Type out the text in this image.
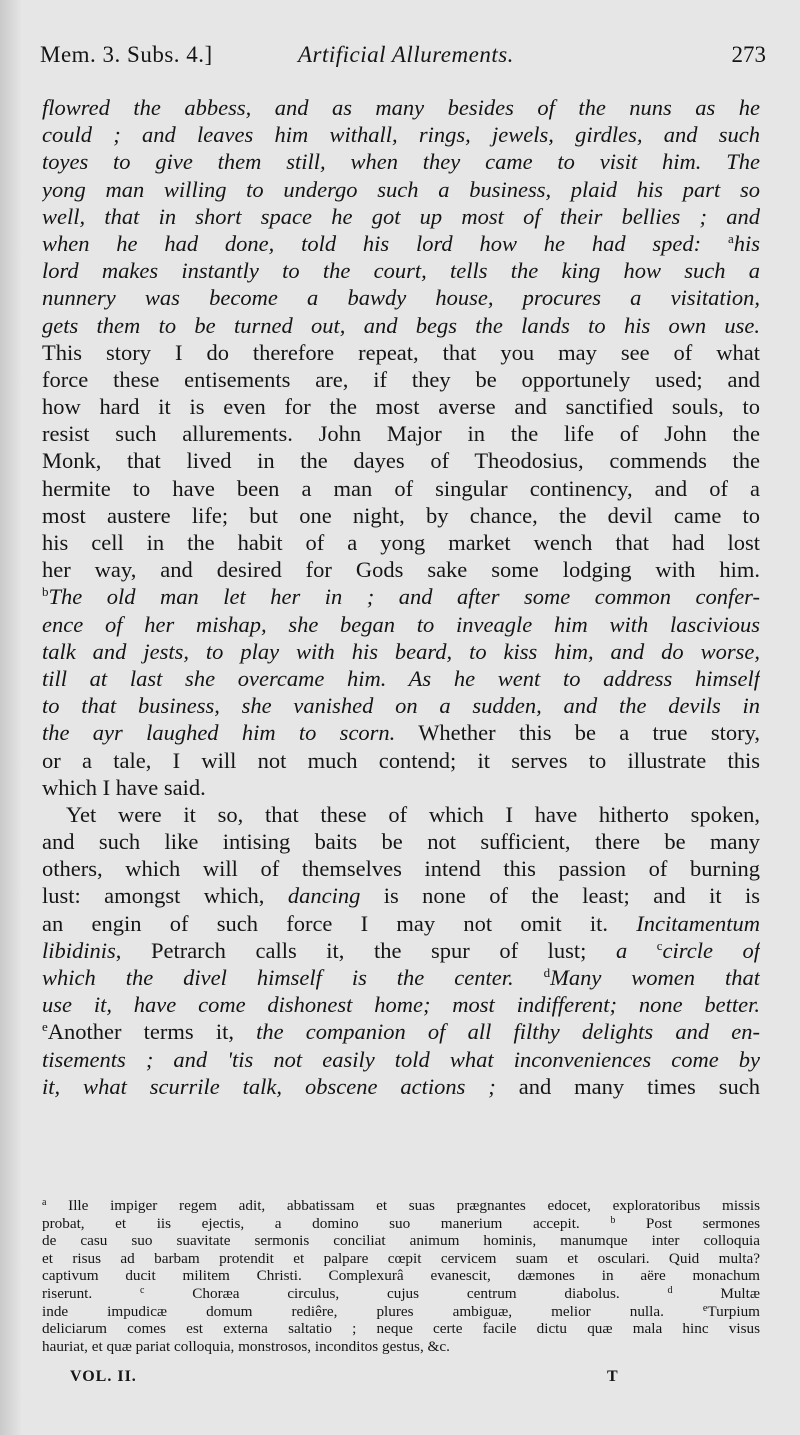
Mem. 3. Subs. 4.]	Artificial Allurements.	273
flowred the abbess, and as many besides of the nuns as he
could ; and leaves him withall, rings, jewels, girdles, and such
toyes to give them still, when they came to visit him. The
yong man willing to undergo such a business, plaid his part so
well, that in short space he got up most of their bellies ; and
when he had done, told his lord how he had sped: $^a$his
lord makes instantly to the court, tells the king how such a
nunnery was become a bawdy house, procures a visitation,
gets them to be turned out, and begs the lands to his own use.
This story I do therefore repeat, that you may see of what
force these entisements are, if they be opportunely used; and
how hard it is even for the most averse and sanctified souls, to
resist such allurements. John Major in the life of John the
Monk, that lived in the dayes of Theodosius, commends the
hermite to have been a man of singular continency, and of a
most austere life; but one night, by chance, the devil came to
his cell in the habit of a yong market wench that had lost
her way, and desired for Gods sake some lodging with him.
$^b$The old man let her in ; and after some common confer-
ence of her mishap, she began to inveagle him with lascivious
talk and jests, to play with his beard, to kiss him, and do worse,
till at last she overcame him. As he went to address himself
to that business, she vanished on a sudden, and the devils in
the ayr laughed him to scorn. Whether this be a true story,
or a tale, I will not much contend; it serves to illustrate this
which I have said.
Yet were it so, that these of which I have hitherto spoken,
and such like intising baits be not sufficient, there be many
others, which will of themselves intend this passion of burning
lust: amongst which, dancing is none of the least; and it is
an engin of such force I may not omit it. Incitamentum
libidinis, Petrarch calls it, the spur of lust; a $^c$circle of
which the divel himself is the center. $^d$Many women that
use it, have come dishonest home; most indifferent; none better.
$^e$Another terms it, the companion of all filthy delights and en-
tisements ; and 'tis not easily told what inconveniences come by
it, what scurrile talk, obscene actions ; and many times such
$^a$ Ille impiger regem adit, abbatissam et suas prægnantes edocet, exploratoribus missis
probat, et iis ejectis, a domino suo manerium accepit. $^b$ Post sermones
de casu suo suavitate sermonis conciliat animum hominis, manumque inter colloquia
et risus ad barbam protendit et palpare cœpit cervicem suam et osculari. Quid multa?
captivum ducit militem Christi. Complexurâ evanescit, dæmones in aëre monachum
riserunt. $^c$ Choræa circulus, cujus centrum diabolus. $^d$ Multæ
inde impudicæ domum rediêre, plures ambiguæ, melior nulla. $^e$Turpium
deliciarum comes est externa saltatio ; neque certe facile dictu quæ mala hinc visus
hauriat, et quæ pariat colloquia, monstrosos, inconditos gestus, &c.
VOL. II.	T
